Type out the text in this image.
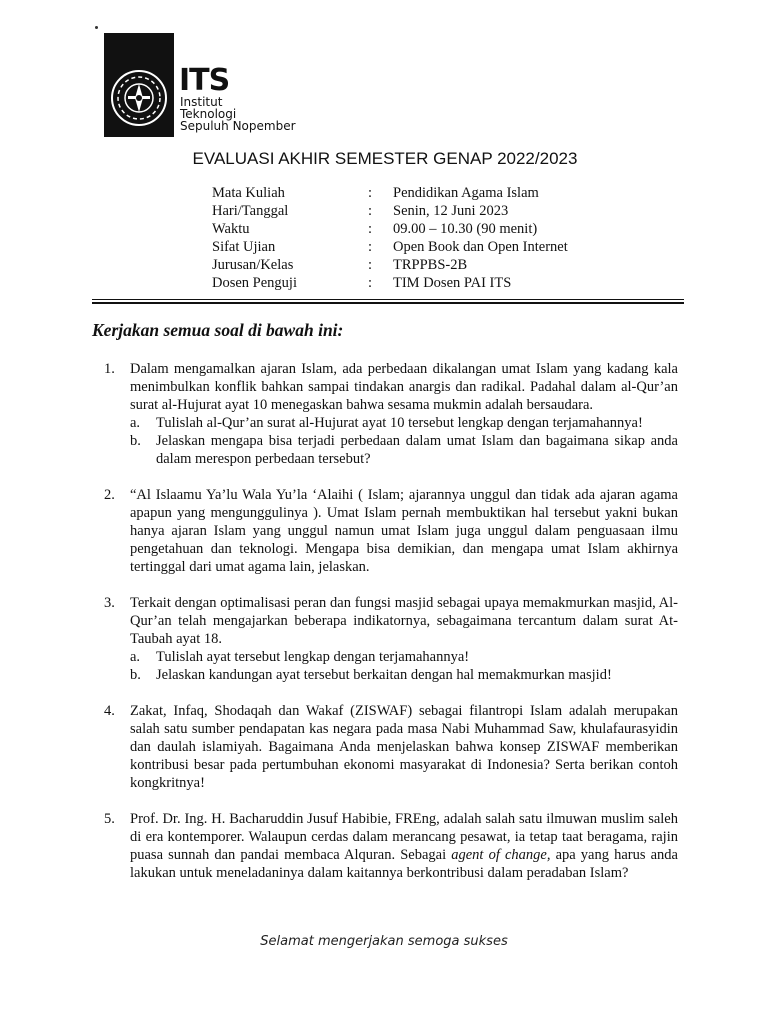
ITS
Institut
Teknologi
Sepuluh Nopember
EVALUASI AKHIR SEMESTER GENAP 2022/2023
Mata Kuliah	:	Pendidikan Agama Islam
Hari/Tanggal	:	Senin, 12 Juni 2023
Waktu	:	09.00 – 10.30 (90 menit)
Sifat Ujian	:	Open Book dan Open Internet
Jurusan/Kelas	:	TRPPBS-2B
Dosen Penguji	:	TIM Dosen PAI ITS
Kerjakan semua soal di bawah ini:
1. Dalam mengamalkan ajaran Islam, ada perbedaan dikalangan umat Islam yang kadang kala menimbulkan konflik bahkan sampai tindakan anargis dan radikal. Padahal dalam al-Qur’an surat al-Hujurat ayat 10 menegaskan bahwa sesama mukmin adalah bersaudara.
a. Tulislah al-Qur’an surat al-Hujurat ayat 10 tersebut lengkap dengan terjamahannya!
b. Jelaskan mengapa bisa terjadi perbedaan dalam umat Islam dan bagaimana sikap anda dalam merespon perbedaan tersebut?
2. “Al Islaamu Ya’lu Wala Yu’la ‘Alaihi ( Islam; ajarannya unggul dan tidak ada ajaran agama apapun yang mengunggulinya ). Umat Islam pernah membuktikan hal tersebut yakni bukan hanya ajaran Islam yang unggul namun umat Islam juga unggul dalam penguasaan ilmu pengetahuan dan teknologi. Mengapa bisa demikian, dan mengapa umat Islam akhirnya tertinggal dari umat agama lain, jelaskan.
3. Terkait dengan optimalisasi peran dan fungsi masjid sebagai upaya memakmurkan masjid, Al-Qur’an telah mengajarkan beberapa indikatornya, sebagaimana tercantum dalam surat At-Taubah ayat 18.
a. Tulislah ayat tersebut lengkap dengan terjamahannya!
b. Jelaskan kandungan ayat tersebut berkaitan dengan hal memakmurkan masjid!
4. Zakat, Infaq, Shodaqah dan Wakaf (ZISWAF) sebagai filantropi Islam adalah merupakan salah satu sumber pendapatan kas negara pada masa Nabi Muhammad Saw, khulafaurasyidin dan daulah islamiyah. Bagaimana Anda menjelaskan bahwa konsep ZISWAF memberikan kontribusi besar pada pertumbuhan ekonomi masyarakat di Indonesia? Serta berikan contoh kongkritnya!
5. Prof. Dr. Ing. H. Bacharuddin Jusuf Habibie, FREng, adalah salah satu ilmuwan muslim saleh di era kontemporer. Walaupun cerdas dalam merancang pesawat, ia tetap taat beragama, rajin puasa sunnah dan pandai membaca Alquran. Sebagai agent of change, apa yang harus anda lakukan untuk meneladaninya dalam kaitannya berkontribusi dalam peradaban Islam?
Selamat mengerjakan semoga sukses
